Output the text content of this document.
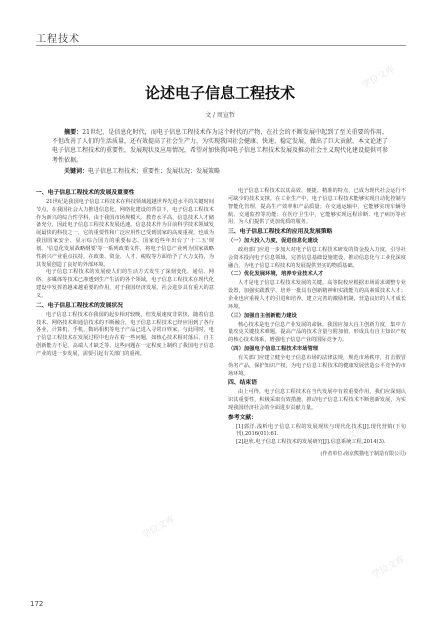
工程技术
论述电子信息工程技术
文 / 周宣哲

摘要：21世纪，是信息化时代，而电子信息工程技术作为这个时代的产物，在社会的不断发展中起到了至关重要的作用，不但改善了人们的生活质量，还有效提高了社会生产力，为实现我国社会健康、快速、稳定发展，做出了巨大贡献。本文论述了电子信息工程技术的重要性，发展现状及应用情况，希望对加快我国电子信息工程技术发展及推动社会主义现代化建设提供可参考性依据。

关键词：电子信息工程技术；重要性；发展状况；发展策略

一、电子信息工程技术的发展及重要性

21世纪是我国电子信息工程技术在科技领域超越世界先进水平的关键时间节点，在我国社会大力推进信息化、网络化建设的背景下，电子信息工程技术作为新兴的综合性学科，由于我国市场规模大、教育水平高，信息技术人才储备充分，因此电子信息工程技术发展迅速。信息技术作为目前科学技术领域发展最快的科技之一，它的重要性和广泛应用性已受到国家的高度重视，也成为我国国家安全、显示综合国力的重要标志。国家近些年出台了'十二五'规划、'信息化发展战略纲要'等一系列政策文件，将电子信息产业列为国家战略性新兴产业重点扶持，在政策、资金、人才、税收等方面给予了大力支持，为其发展创造了良好的外部环境。

电子信息工程技术的发展使人们的生活方式发生了深刻变化，通信、网络、多媒体等技术已渗透到生产生活的各个领域，电子信息工程技术在现代化建设中发挥着越来越重要的作用，对于我国经济发展、社会进步具有重大的意义。

二、电子信息工程技术的发展状况

电子信息工程技术在我国的起步相对较晚，但发展速度非常快，随着信息技术、网络技术和通信技术的不断融合，电子信息工程技术已经应用到了各行各业，计算机、手机、数码相机等电子产品已进入寻常百姓家。与此同时，电子信息工程技术在发展过程中也存在着一些问题，如核心技术相对落后、自主创新能力不足、高端人才缺乏等，这些问题在一定程度上制约了我国电子信息产业的进一步发展，需要引起有关部门的重视。

电子信息工程技术以其高效、便捷、精准的特点，已成为现代社会运行不可缺少的技术支撑。在工业生产中，电子信息工程技术能够实现自动化控制与智能化管理，提高生产效率和产品质量；在交通运输中，它能够实现车辆导航、交通监控等功能；在医疗卫生中，它能够实现远程诊断、电子病历等应用，为人们提供了更加优质的服务。

三、电子信息工程技术的应用及发展策略
（一）加大投入力度，促进信息化建设

政府部门应进一步加大对电子信息工程技术研发的资金投入力度，引导社会资本投向电子信息领域，完善信息基础设施建设，推动信息化与工业化深度融合，为电子信息工程技术的发展提供坚实的物质基础。

（二）优化发展环境，培养专业技术人才

人才是电子信息工程技术发展的关键。高等院校应根据市场需求调整专业设置，加强实践教学，培养一批具有创新精神和实践能力的高素质技术人才；企业也应重视人才的引进和培养，建立完善的激励机制，营造良好的人才成长环境。

（三）加强自主创新能力建设

核心技术是电子信息产业发展的命脉。我国应加大自主创新力度，集中力量攻克关键技术难题，提高产品的技术含量与附加值，形成具有自主知识产权的核心技术体系，增强电子信息产业的国际竞争力。

（四）加强电子信息工程技术市场管理

有关部门应建立健全电子信息市场的法律法规，规范市场秩序，打击假冒伪劣产品，保护知识产权，为电子信息工程技术的健康发展营造公平竞争的市场环境。

四、结束语

由上可得，电子信息工程技术在当代发展中有着重要作用，我们应深刻认识其重要性，积极采取有效措施，推动电子信息工程技术不断创新发展，为实现我国经济社会的全面进步贡献力量。

参考文献：

[1]郭洋.浅析电子信息工程的发展现状与现代化技术[J].现代营销(下旬刊),2016(01):61.

[2]赵欣.电子信息工程技术的发展研究[J].信息系统工程,2014(3).

(作者单位:南京熊猫电子制造有限公司)
172
学位文库
学位文库
学位文库
学位文库
学位文库
学位文库
